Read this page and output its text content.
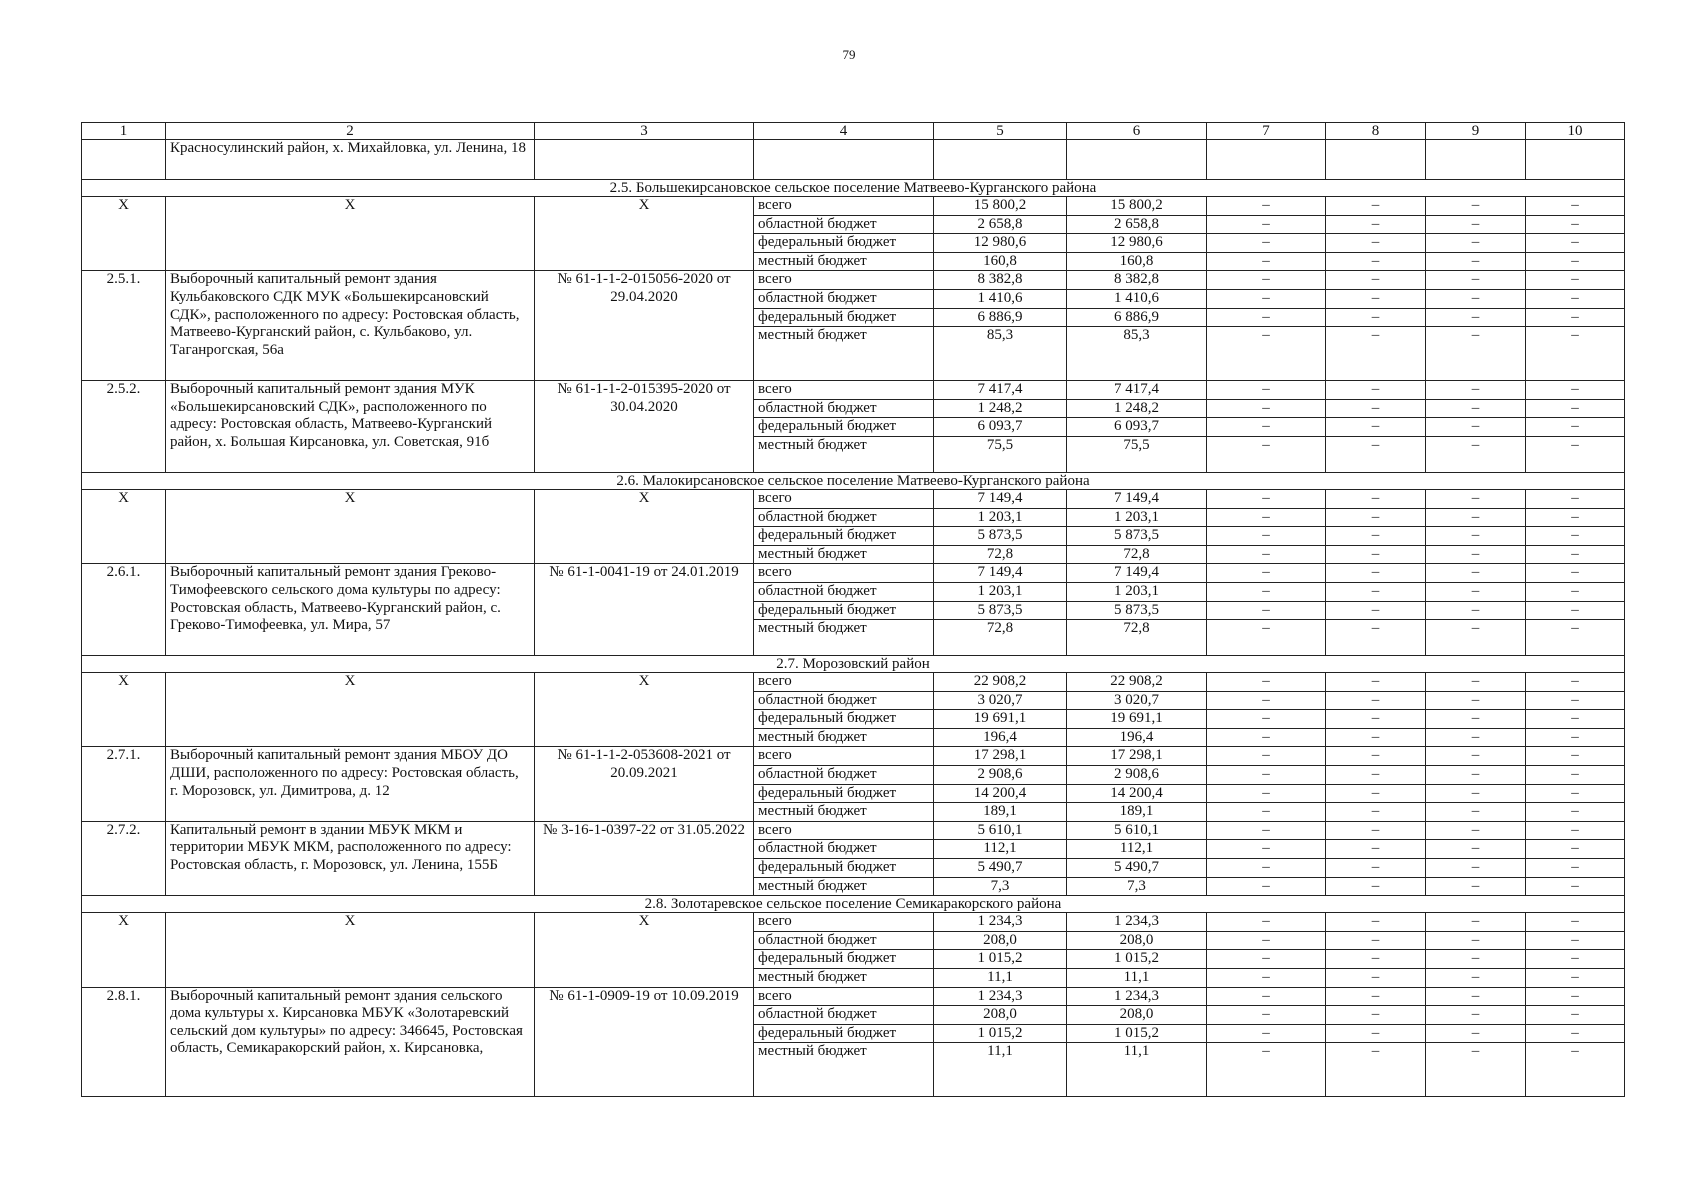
79
1	2	3	4	5	6	7	8	9	10
	Красносулинский район, х. Михайловка, ул. Ленина, 18								
2.5. Большекирсановское сельское поселение Матвеево-Курганского района									
Х	Х	Х	всего	15 800,2	15 800,2	–	–	–	–
			областной бюджет	2 658,8	2 658,8	–	–	–	–
			федеральный бюджет	12 980,6	12 980,6	–	–	–	–
			местный бюджет	160,8	160,8	–	–	–	–
2.5.1.	Выборочный капитальный ремонт здания Кульбаковского СДК МУК «Большекирсановский СДК», расположенного по адресу: Ростовская область, Матвеево-Курганский район, с. Кульбаково, ул. Таганрогская, 56а	№ 61-1-1-2-015056-2020 от 29.04.2020	всего	8 382,8	8 382,8	–	–	–	–
			областной бюджет	1 410,6	1 410,6	–	–	–	–
			федеральный бюджет	6 886,9	6 886,9	–	–	–	–
			местный бюджет	85,3	85,3	–	–	–	–
2.5.2.	Выборочный капитальный ремонт здания МУК «Большекирсановский СДК», расположенного по адресу: Ростовская область, Матвеево-Курганский район, х. Большая Кирсановка, ул. Советская, 91б	№ 61-1-1-2-015395-2020 от 30.04.2020	всего	7 417,4	7 417,4	–	–	–	–
			областной бюджет	1 248,2	1 248,2	–	–	–	–
			федеральный бюджет	6 093,7	6 093,7	–	–	–	–
			местный бюджет	75,5	75,5	–	–	–	–
2.6. Малокирсановское сельское поселение Матвеево-Курганского района									
Х	Х	Х	всего	7 149,4	7 149,4	–	–	–	–
			областной бюджет	1 203,1	1 203,1	–	–	–	–
			федеральный бюджет	5 873,5	5 873,5	–	–	–	–
			местный бюджет	72,8	72,8	–	–	–	–
2.6.1.	Выборочный капитальный ремонт здания Греково-Тимофеевского сельского дома культуры по адресу: Ростовская область, Матвеево-Курганский район, с. Греково-Тимофеевка, ул. Мира, 57	№ 61-1-0041-19 от 24.01.2019	всего	7 149,4	7 149,4	–	–	–	–
			областной бюджет	1 203,1	1 203,1	–	–	–	–
			федеральный бюджет	5 873,5	5 873,5	–	–	–	–
			местный бюджет	72,8	72,8	–	–	–	–
2.7. Морозовский район									
Х	Х	Х	всего	22 908,2	22 908,2	–	–	–	–
			областной бюджет	3 020,7	3 020,7	–	–	–	–
			федеральный бюджет	19 691,1	19 691,1	–	–	–	–
			местный бюджет	196,4	196,4	–	–	–	–
2.7.1.	Выборочный капитальный ремонт здания МБОУ ДО ДШИ, расположенного по адресу: Ростовская область, г. Морозовск, ул. Димитрова, д. 12	№ 61-1-1-2-053608-2021 от 20.09.2021	всего	17 298,1	17 298,1	–	–	–	–
			областной бюджет	2 908,6	2 908,6	–	–	–	–
			федеральный бюджет	14 200,4	14 200,4	–	–	–	–
			местный бюджет	189,1	189,1	–	–	–	–
2.7.2.	Капитальный ремонт в здании МБУК МКМ и территории МБУК МКМ, расположенного по адресу: Ростовская область, г. Морозовск, ул. Ленина, 155Б	№ 3-16-1-0397-22 от 31.05.2022	всего	5 610,1	5 610,1	–	–	–	–
			областной бюджет	112,1	112,1	–	–	–	–
			федеральный бюджет	5 490,7	5 490,7	–	–	–	–
			местный бюджет	7,3	7,3	–	–	–	–
2.8. Золотаревское сельское поселение Семикаракорского района									
Х	Х	Х	всего	1 234,3	1 234,3	–	–	–	–
			областной бюджет	208,0	208,0	–	–	–	–
			федеральный бюджет	1 015,2	1 015,2	–	–	–	–
			местный бюджет	11,1	11,1	–	–	–	–
2.8.1.	Выборочный капитальный ремонт здания сельского дома культуры х. Кирсановка МБУК «Золотаревский сельский дом культуры» по адресу: 346645, Ростовская область, Семикаракорский район, х. Кирсановка,	№ 61-1-0909-19 от 10.09.2019	всего	1 234,3	1 234,3	–	–	–	–
			областной бюджет	208,0	208,0	–	–	–	–
			федеральный бюджет	1 015,2	1 015,2	–	–	–	–
			местный бюджет	11,1	11,1	–	–	–	–
